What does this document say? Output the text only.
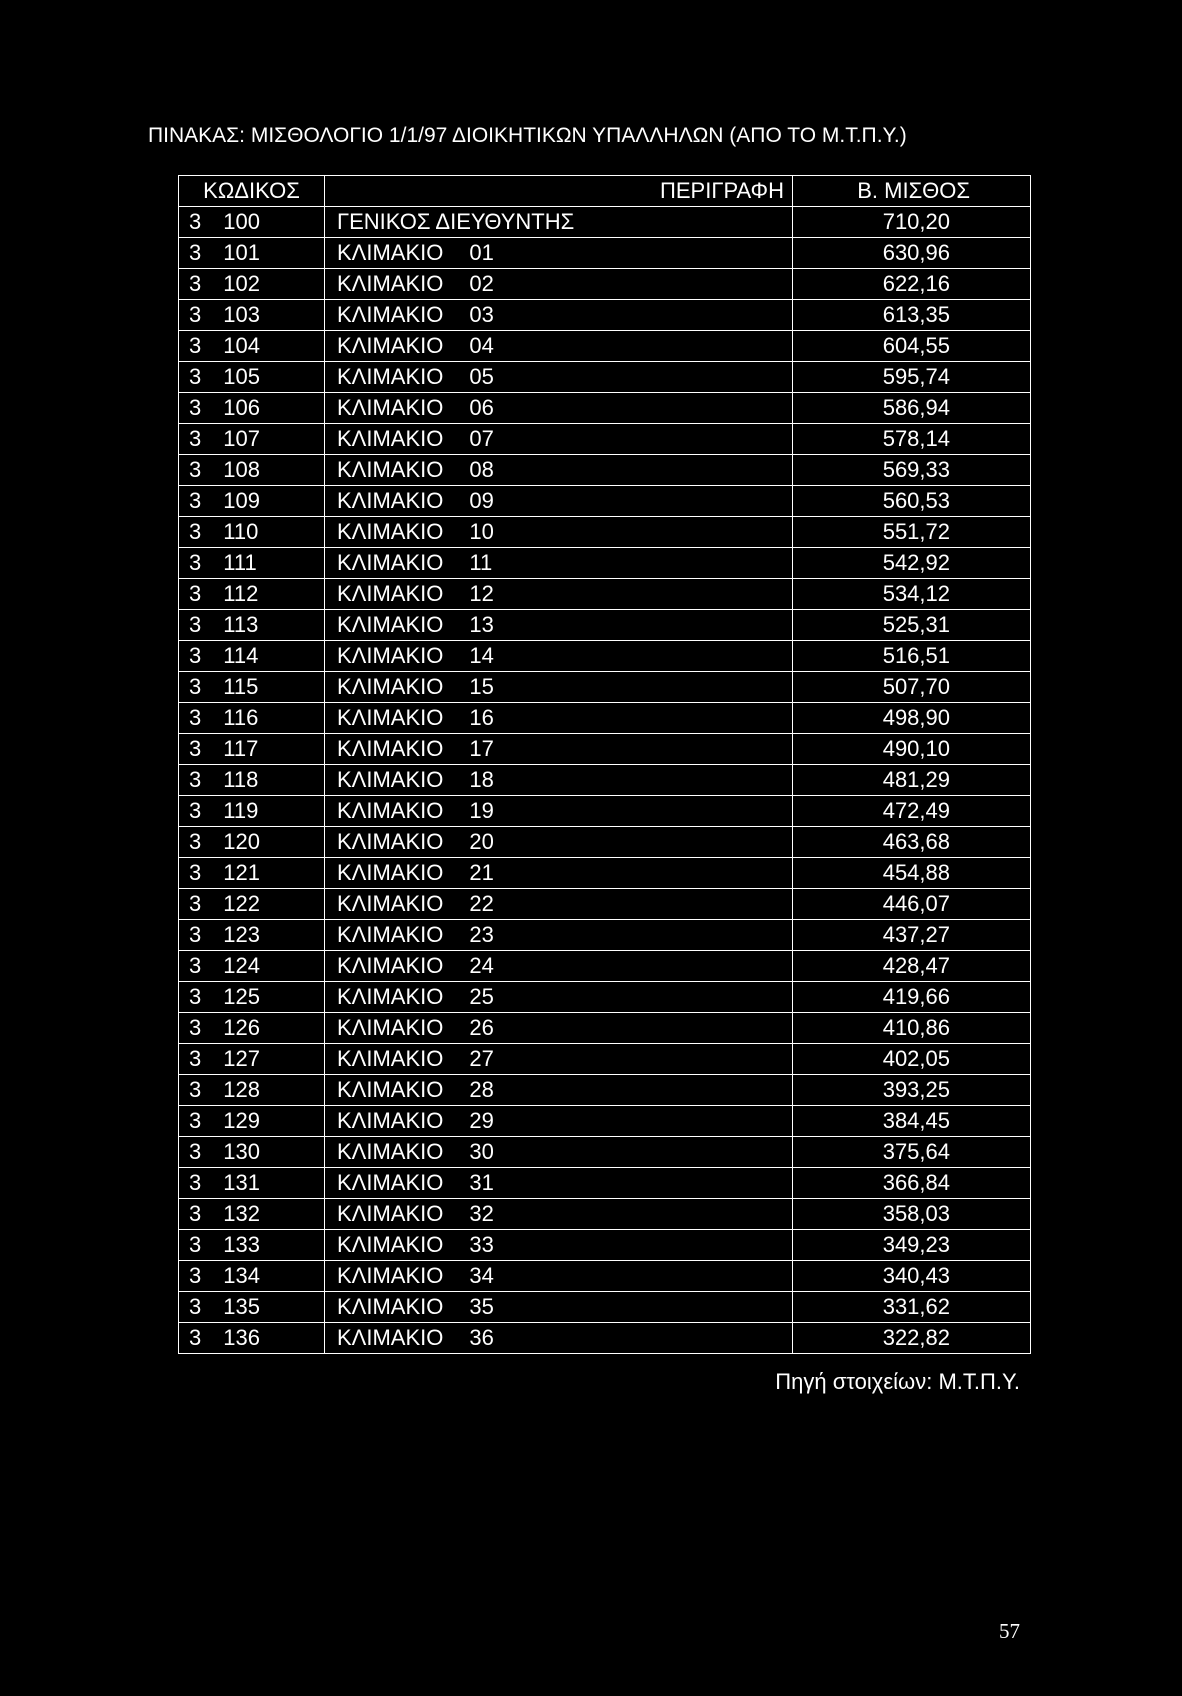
ΠΙΝΑΚΑΣ: ΜΙΣΘΟΛΟΓΙΟ 1/1/97 ΔΙΟΙΚΗΤΙΚΩΝ ΥΠΑΛΛΗΛΩΝ (ΑΠΟ ΤΟ Μ.Τ.Π.Υ.)
ΚΩΔΙΚΟΣ	ΠΕΡΙΓΡΑΦΗ	Β. ΜΙΣΘΟΣ
3 100	ΓΕΝΙΚΟΣ ΔΙΕΥΘΥΝΤΗΣ	710,20
3 101	ΚΛΙΜΑΚΙΟ 01	630,96
3 102	ΚΛΙΜΑΚΙΟ 02	622,16
3 103	ΚΛΙΜΑΚΙΟ 03	613,35
3 104	ΚΛΙΜΑΚΙΟ 04	604,55
3 105	ΚΛΙΜΑΚΙΟ 05	595,74
3 106	ΚΛΙΜΑΚΙΟ 06	586,94
3 107	ΚΛΙΜΑΚΙΟ 07	578,14
3 108	ΚΛΙΜΑΚΙΟ 08	569,33
3 109	ΚΛΙΜΑΚΙΟ 09	560,53
3 110	ΚΛΙΜΑΚΙΟ 10	551,72
3 111	ΚΛΙΜΑΚΙΟ 11	542,92
3 112	ΚΛΙΜΑΚΙΟ 12	534,12
3 113	ΚΛΙΜΑΚΙΟ 13	525,31
3 114	ΚΛΙΜΑΚΙΟ 14	516,51
3 115	ΚΛΙΜΑΚΙΟ 15	507,70
3 116	ΚΛΙΜΑΚΙΟ 16	498,90
3 117	ΚΛΙΜΑΚΙΟ 17	490,10
3 118	ΚΛΙΜΑΚΙΟ 18	481,29
3 119	ΚΛΙΜΑΚΙΟ 19	472,49
3 120	ΚΛΙΜΑΚΙΟ 20	463,68
3 121	ΚΛΙΜΑΚΙΟ 21	454,88
3 122	ΚΛΙΜΑΚΙΟ 22	446,07
3 123	ΚΛΙΜΑΚΙΟ 23	437,27
3 124	ΚΛΙΜΑΚΙΟ 24	428,47
3 125	ΚΛΙΜΑΚΙΟ 25	419,66
3 126	ΚΛΙΜΑΚΙΟ 26	410,86
3 127	ΚΛΙΜΑΚΙΟ 27	402,05
3 128	ΚΛΙΜΑΚΙΟ 28	393,25
3 129	ΚΛΙΜΑΚΙΟ 29	384,45
3 130	ΚΛΙΜΑΚΙΟ 30	375,64
3 131	ΚΛΙΜΑΚΙΟ 31	366,84
3 132	ΚΛΙΜΑΚΙΟ 32	358,03
3 133	ΚΛΙΜΑΚΙΟ 33	349,23
3 134	ΚΛΙΜΑΚΙΟ 34	340,43
3 135	ΚΛΙΜΑΚΙΟ 35	331,62
3 136	ΚΛΙΜΑΚΙΟ 36	322,82
Πηγή στοιχείων: Μ.Τ.Π.Υ.
57
